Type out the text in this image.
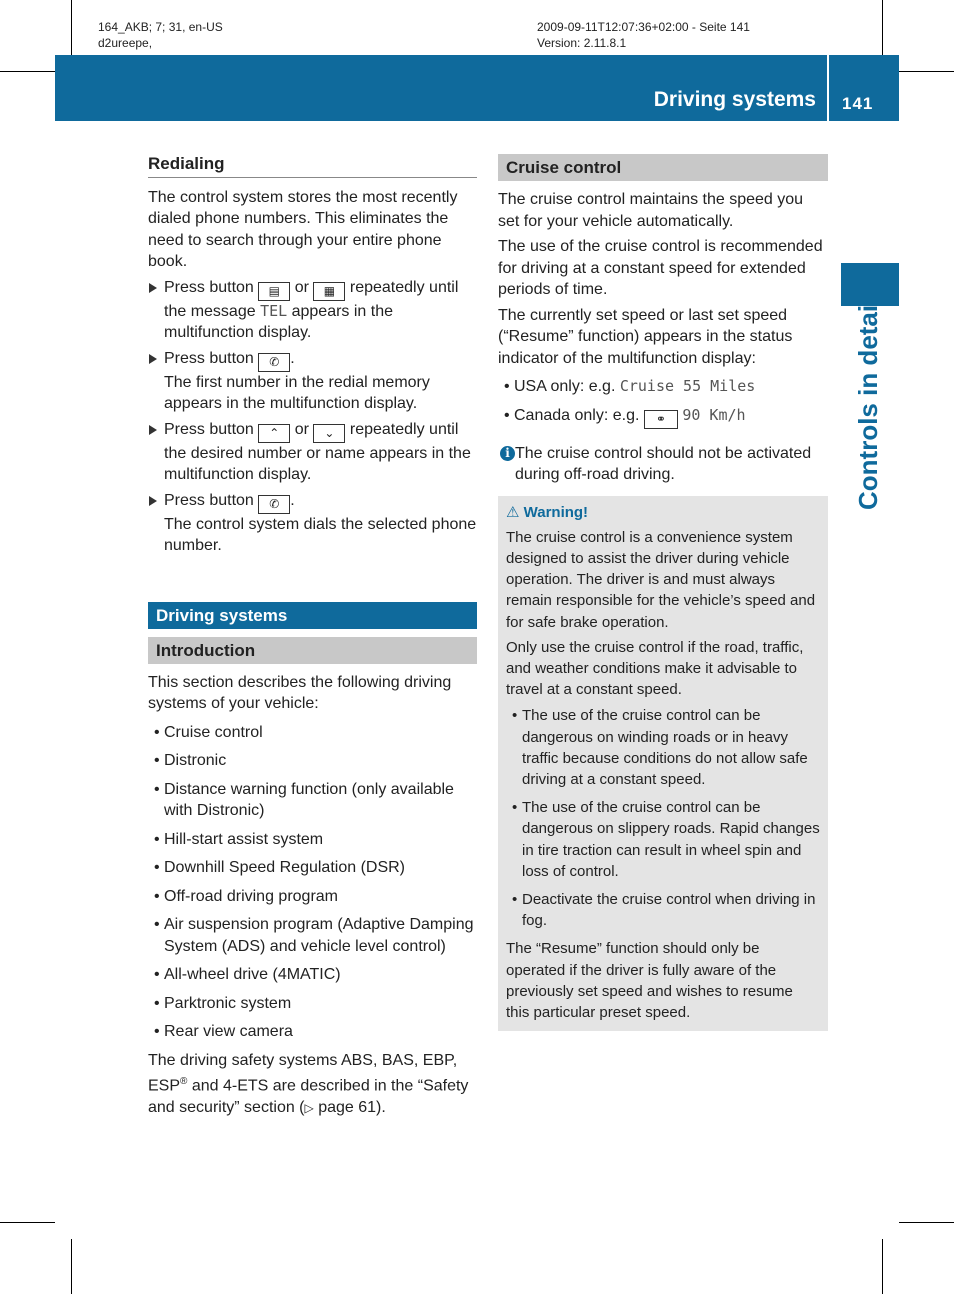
164_AKB; 7; 31, en-US
d2ureepe,
2009-09-11T12:07:36+02:00 - Seite 141
Version: 2.11.8.1
Driving systems 141
Controls in detail
Redialing

The control system stores the most recently dialed phone numbers. This eliminates the need to search through your entire phone book.

Press button ▤ or ▦ repeatedly until the message TEL appears in the multifunction display.
Press button ✆ .
The first number in the redial memory appears in the multifunction display.
Press button ⌃ or ⌄ repeatedly until the desired number or name appears in the multifunction display.
Press button ✆ .
The control system dials the selected phone number.
Driving systems
Introduction

This section describes the following driving systems of your vehicle:

• Cruise control
• Distronic
• Distance warning function (only available with Distronic)
• Hill-start assist system
• Downhill Speed Regulation (DSR)
• Off-road driving program
• Air suspension program (Adaptive Damping System (ADS) and vehicle level control)
• All-wheel drive (4MATIC)
• Parktronic system
• Rear view camera

The driving safety systems ABS, BAS, EBP, ESP® and 4-ETS are described in the “Safety and security” section (▷ page 61).

Cruise control

The cruise control maintains the speed you set for your vehicle automatically.

The use of the cruise control is recommended for driving at a constant speed for extended periods of time.

The currently set speed or last set speed (“Resume” function) appears in the status indicator of the multifunction display:

• USA only: e.g. Cruise 55 Miles
• Canada only: e.g. ⚭ 90 Km/h
i The cruise control should not be activated during off-road driving.
⚠ Warning!

The cruise control is a convenience system designed to assist the driver during vehicle operation. The driver is and must always remain responsible for the vehicle’s speed and for safe brake operation.

Only use the cruise control if the road, traffic, and weather conditions make it advisable to travel at a constant speed.

• The use of the cruise control can be dangerous on winding roads or in heavy traffic because conditions do not allow safe driving at a constant speed.
• The use of the cruise control can be dangerous on slippery roads. Rapid changes in tire traction can result in wheel spin and loss of control.
• Deactivate the cruise control when driving in fog.

The “Resume” function should only be operated if the driver is fully aware of the previously set speed and wishes to resume this particular preset speed.
